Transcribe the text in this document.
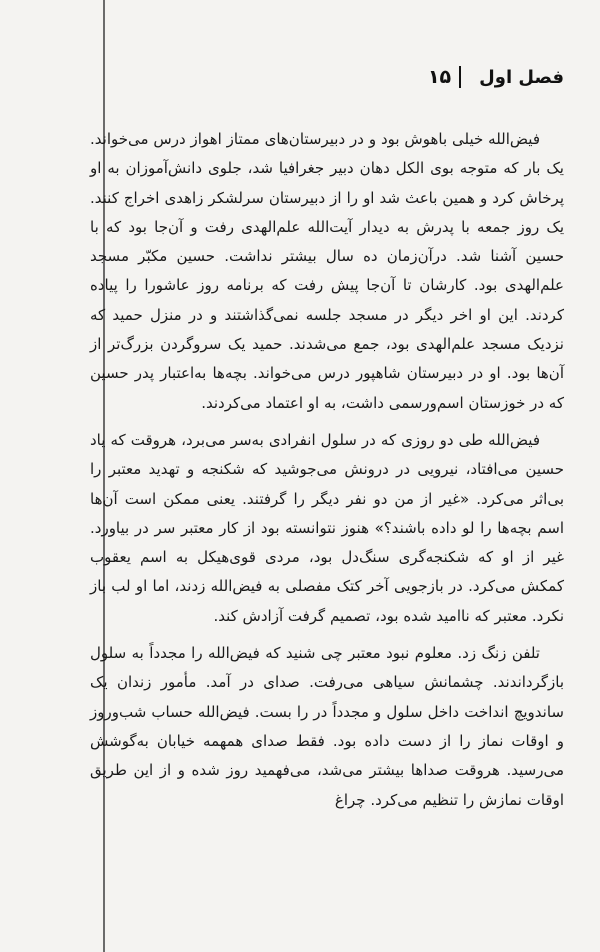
فصل اول
۱۵

فیض‌الله خیلی باهوش بود و در دبیرستان‌های ممتاز اهواز درس می‌خواند. یک بار که متوجه بوی الکل دهان دبیر جغرافیا شد، جلوی دانش‌آموزان به او پرخاش کرد و همین باعث شد او را از دبیرستان سرلشکر زاهدی اخراج کنند. یک روز جمعه با پدرش به دیدار آیت‌الله علم‌الهدی رفت و آن‌جا بود که با حسین آشنا شد. درآن‌زمان ده سال بیشتر نداشت. حسین مکبّر مسجد علم‌الهدی بود. کارشان تا آن‌جا پیش رفت که برنامه روز عاشورا را پیاده کردند. این او اخر دیگر در مسجد جلسه نمی‌گذاشتند و در منزل حمید که نزدیک مسجد علم‌الهدی بود، جمع می‌شدند. حمید یک سروگردن بزرگ‌تر از آن‌ها بود. او در دبیرستان شاهپور درس می‌خواند. بچه‌ها به‌اعتبار پدر حسین که در خوزستان اسم‌ورسمی داشت، به او اعتماد می‌کردند.

فیض‌الله طی دو روزی که در سلول انفرادی به‌سر می‌برد، هروقت که یاد حسین می‌افتاد، نیرویی در درونش می‌جوشید که شکنجه و تهدید معتبر را بی‌اثر می‌کرد. «غیر از من دو نفر دیگر را گرفتند. یعنی ممکن است آن‌ها اسم بچه‌ها را لو داده باشند؟» هنوز نتوانسته بود از کار معتبر سر در بیاورد. غیر از او که شکنجه‌گری سنگ‌دل بود، مردی قوی‌هیکل به اسم یعقوب کمکش می‌کرد. در بازجویی آخر کتک مفصلی به فیض‌الله زدند، اما او لب باز نکرد. معتبر که ناامید شده بود، تصمیم گرفت آزادش کند.

تلفن زنگ زد. معلوم نبود معتبر چی شنید که فیض‌الله را مجدداً به سلول بازگرداندند. چشمانش سیاهی می‌رفت. صدای در آمد. مأمور زندان یک ساندویچ انداخت داخل سلول و مجدداً در را بست. فیض‌الله حساب شب‌وروز و اوقات نماز را از دست داده بود. فقط صدای همهمه خیابان به‌گوشش می‌رسید. هروقت صداها بیشتر می‌شد، می‌فهمید روز شده و از این طریق اوقات نمازش را تنظیم می‌کرد. چراغ
